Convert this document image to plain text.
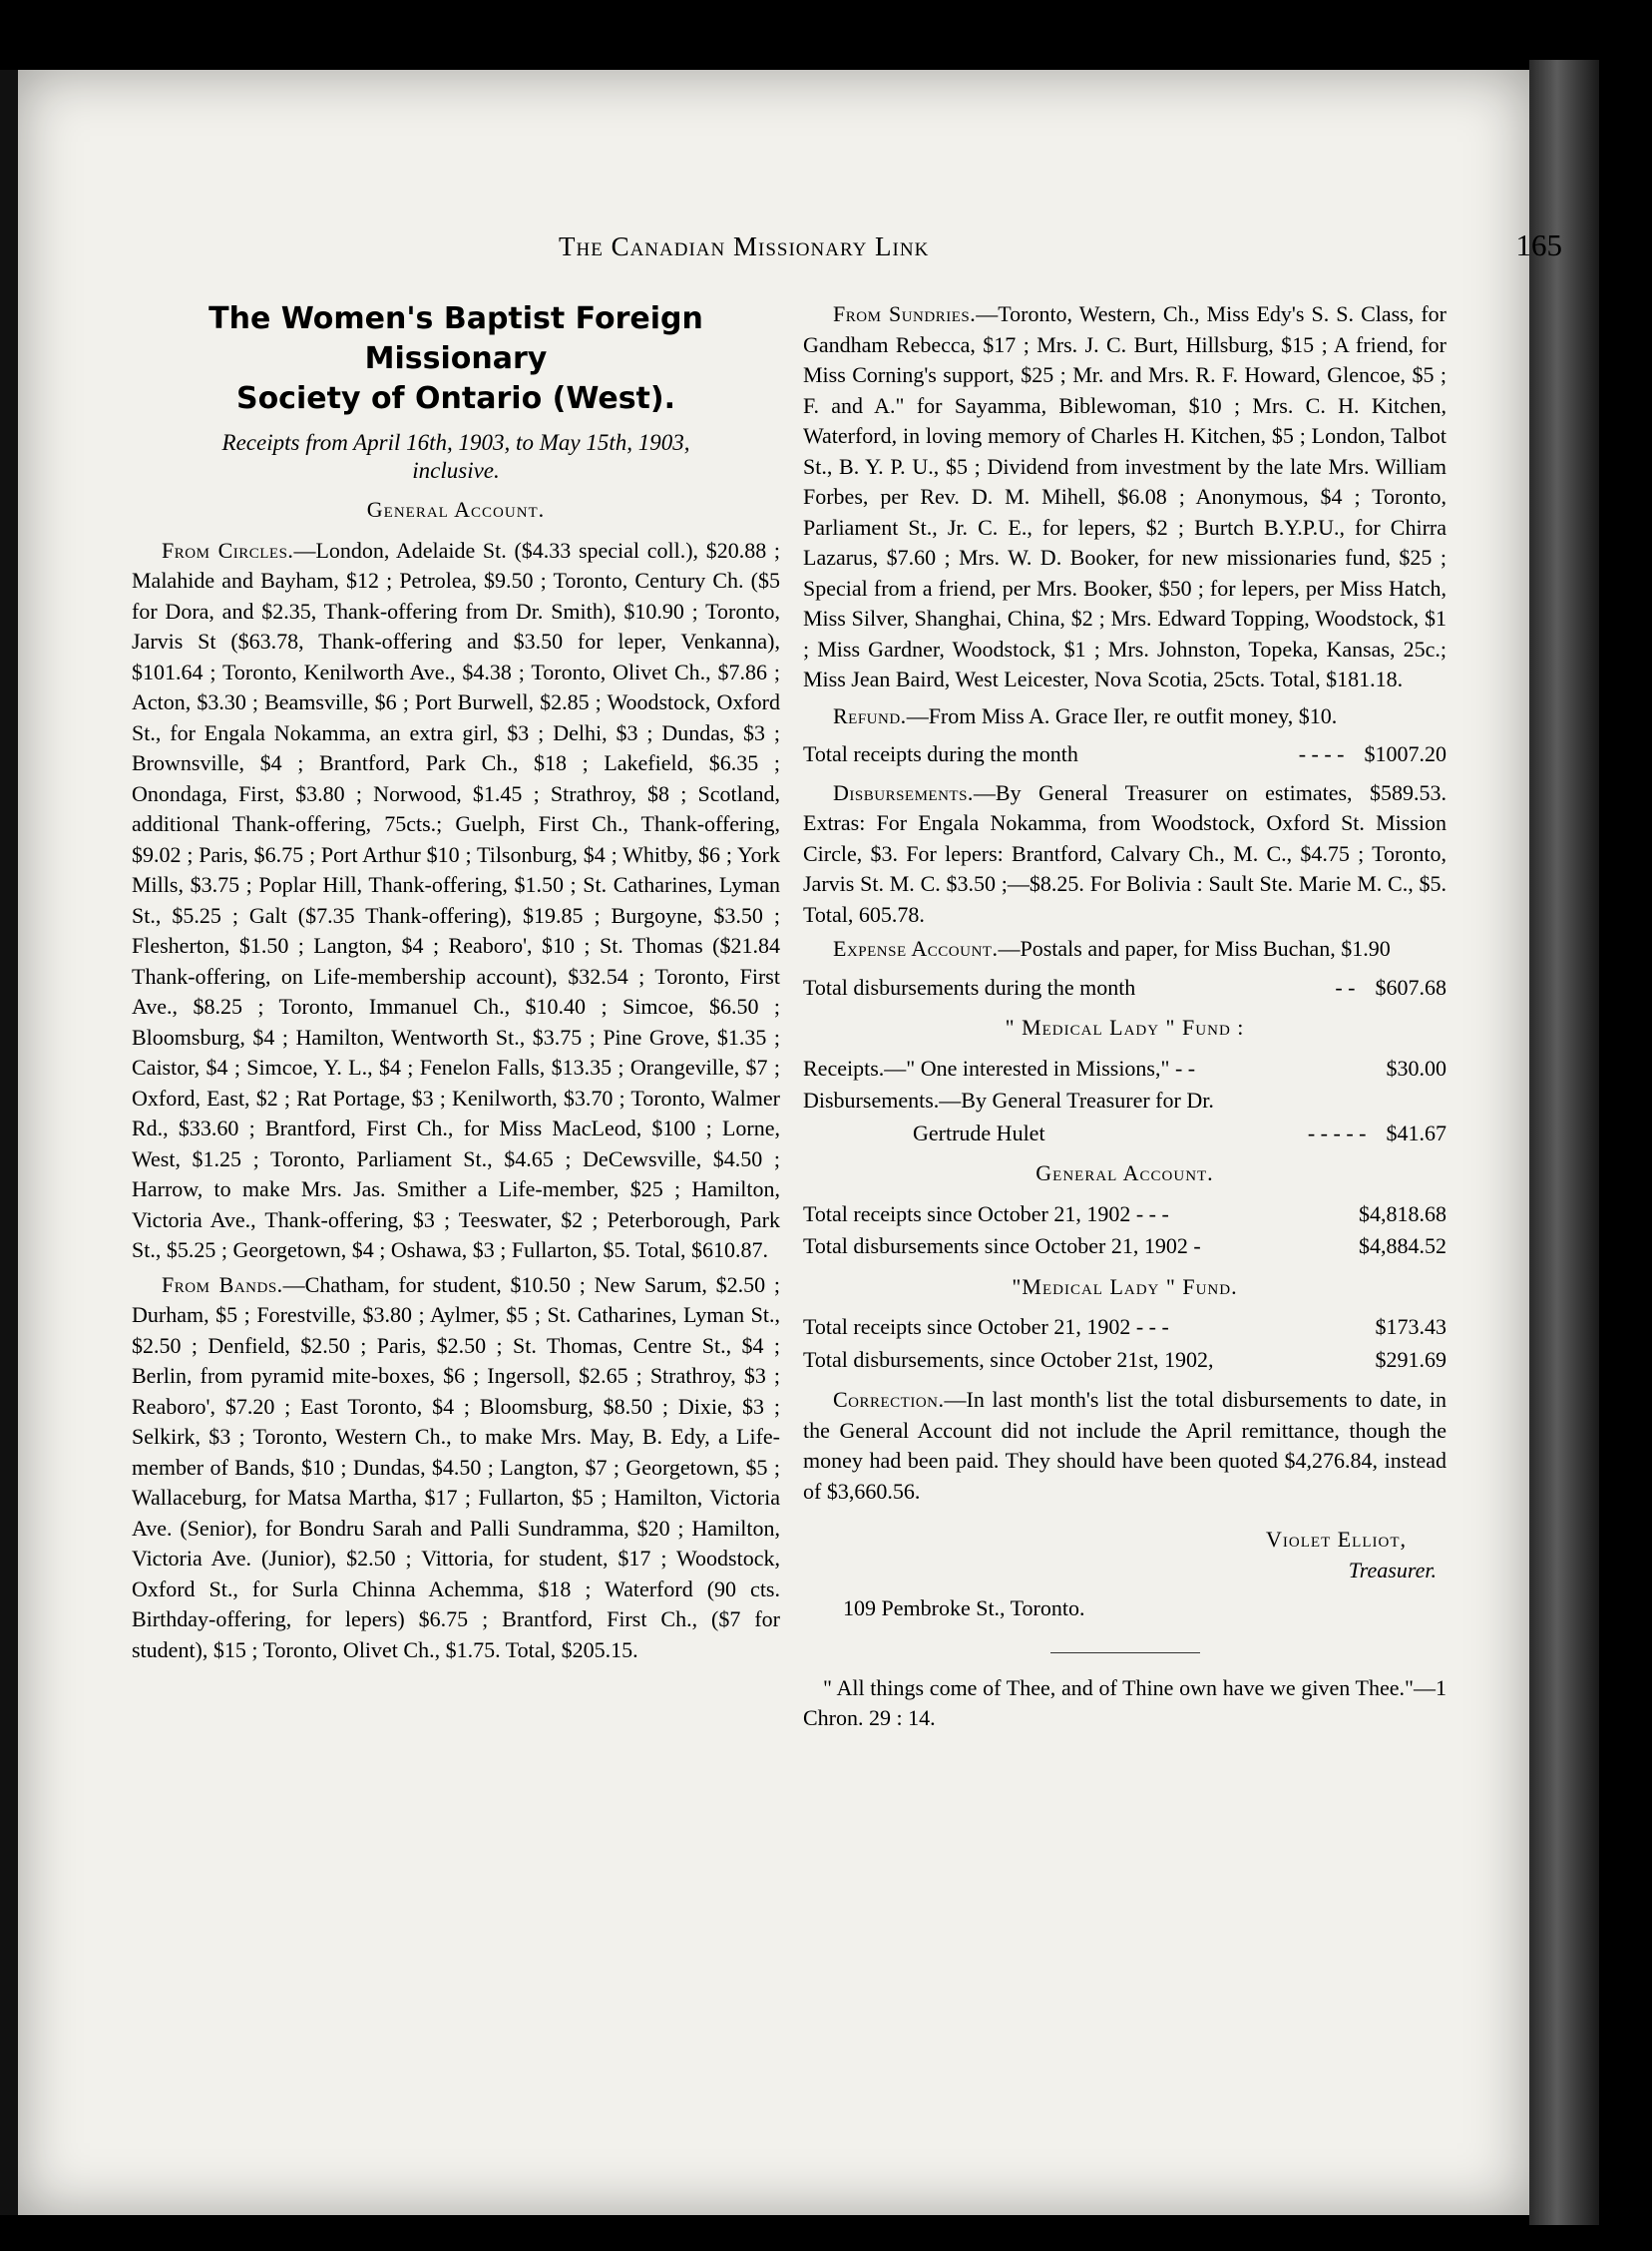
The Canadian Missionary Link	165
The Women's Baptist Foreign Missionary
Society of Ontario (West).
Receipts from April 16th, 1903, to May 15th, 1903,
inclusive.
General Account.

From Circles.—London, Adelaide St. ($4.33 special coll.), $20.88 ; Malahide and Bayham, $12 ; Petrolea, $9.50 ; Toronto, Century Ch. ($5 for Dora, and $2.35, Thank-offering from Dr. Smith), $10.90 ; Toronto, Jarvis St ($63.78, Thank-offering and $3.50 for leper, Venkanna), $101.64 ; Toronto, Kenilworth Ave., $4.38 ; Toronto, Olivet Ch., $7.86 ; Acton, $3.30 ; Beamsville, $6 ; Port Burwell, $2.85 ; Woodstock, Oxford St., for Engala Nokamma, an extra girl, $3 ; Delhi, $3 ; Dundas, $3 ; Brownsville, $4 ; Brantford, Park Ch., $18 ; Lakefield, $6.35 ; Onondaga, First, $3.80 ; Norwood, $1.45 ; Strathroy, $8 ; Scotland, additional Thank-offering, 75cts.; Guelph, First Ch., Thank-offering, $9.02 ; Paris, $6.75 ; Port Arthur $10 ; Tilsonburg, $4 ; Whitby, $6 ; York Mills, $3.75 ; Poplar Hill, Thank-offering, $1.50 ; St. Catharines, Lyman St., $5.25 ; Galt ($7.35 Thank-offering), $19.85 ; Burgoyne, $3.50 ; Flesherton, $1.50 ; Langton, $4 ; Reaboro', $10 ; St. Thomas ($21.84 Thank-offering, on Life-membership account), $32.54 ; Toronto, First Ave., $8.25 ; Toronto, Immanuel Ch., $10.40 ; Simcoe, $6.50 ; Bloomsburg, $4 ; Hamilton, Wentworth St., $3.75 ; Pine Grove, $1.35 ; Caistor, $4 ; Simcoe, Y. L., $4 ; Fenelon Falls, $13.35 ; Orangeville, $7 ; Oxford, East, $2 ; Rat Portage, $3 ; Kenilworth, $3.70 ; Toronto, Walmer Rd., $33.60 ; Brantford, First Ch., for Miss MacLeod, $100 ; Lorne, West, $1.25 ; Toronto, Parliament St., $4.65 ; DeCewsville, $4.50 ; Harrow, to make Mrs. Jas. Smither a Life-member, $25 ; Hamilton, Victoria Ave., Thank-offering, $3 ; Teeswater, $2 ; Peterborough, Park St., $5.25 ; Georgetown, $4 ; Oshawa, $3 ; Fullarton, $5. Total, $610.87.

From Bands.—Chatham, for student, $10.50 ; New Sarum, $2.50 ; Durham, $5 ; Forestville, $3.80 ; Aylmer, $5 ; St. Catharines, Lyman St., $2.50 ; Denfield, $2.50 ; Paris, $2.50 ; St. Thomas, Centre St., $4 ; Berlin, from pyramid mite-boxes, $6 ; Ingersoll, $2.65 ; Strathroy, $3 ; Reaboro', $7.20 ; East Toronto, $4 ; Bloomsburg, $8.50 ; Dixie, $3 ; Selkirk, $3 ; Toronto, Western Ch., to make Mrs. May, B. Edy, a Life-member of Bands, $10 ; Dundas, $4.50 ; Langton, $7 ; Georgetown, $5 ; Wallaceburg, for Matsa Martha, $17 ; Fullarton, $5 ; Hamilton, Victoria Ave. (Senior), for Bondru Sarah and Palli Sundramma, $20 ; Hamilton, Victoria Ave. (Junior), $2.50 ; Vittoria, for student, $17 ; Woodstock, Oxford St., for Surla Chinna Achemma, $18 ; Waterford (90 cts. Birthday-offering, for lepers) $6.75 ; Brantford, First Ch., ($7 for student), $15 ; Toronto, Olivet Ch., $1.75. Total, $205.15.

From Sundries.—Toronto, Western, Ch., Miss Edy's S. S. Class, for Gandham Rebecca, $17 ; Mrs. J. C. Burt, Hillsburg, $15 ; A friend, for Miss Corning's support, $25 ; Mr. and Mrs. R. F. Howard, Glencoe, $5 ; F. and A." for Sayamma, Biblewoman, $10 ; Mrs. C. H. Kitchen, Waterford, in loving memory of Charles H. Kitchen, $5 ; London, Talbot St., B. Y. P. U., $5 ; Dividend from investment by the late Mrs. William Forbes, per Rev. D. M. Mihell, $6.08 ; Anonymous, $4 ; Toronto, Parliament St., Jr. C. E., for lepers, $2 ; Burtch B.Y.P.U., for Chirra Lazarus, $7.60 ; Mrs. W. D. Booker, for new missionaries fund, $25 ; Special from a friend, per Mrs. Booker, $50 ; for lepers, per Miss Hatch, Miss Silver, Shanghai, China, $2 ; Mrs. Edward Topping, Woodstock, $1 ; Miss Gardner, Woodstock, $1 ; Mrs. Johnston, Topeka, Kansas, 25c.; Miss Jean Baird, West Leicester, Nova Scotia, 25cts. Total, $181.18.

Refund.—From Miss A. Grace Iler, re outfit money, $10.

Total receipts during the month	- - - - $1007.20

Disbursements.—By General Treasurer on estimates, $589.53. Extras: For Engala Nokamma, from Woodstock, Oxford St. Mission Circle, $3. For lepers: Brantford, Calvary Ch., M. C., $4.75 ; Toronto, Jarvis St. M. C. $3.50 ;—$8.25. For Bolivia : Sault Ste. Marie M. C., $5. Total, 605.78.

Expense Account.—Postals and paper, for Miss Buchan, $1.90

Total disbursements during the month	- - $607.68
" Medical Lady " Fund :
Receipts.—" One interested in Missions," - -	$30.00
Disbursements.—By General Treasurer for Dr.
Gertrude Hulet	- - - - - $41.67
General Account.
Total receipts since October 21, 1902 - - -	$4,818.68
Total disbursements since October 21, 1902 -	$4,884.52
"Medical Lady " Fund.
Total receipts since October 21, 1902 - - -	$173.43
Total disbursements, since October 21st, 1902,	$291.69

Correction.—In last month's list the total disbursements to date, in the General Account did not include the April remittance, though the money had been paid. They should have been quoted $4,276.84, instead of $3,660.56.

Violet Elliot,
Treasurer.
109 Pembroke St., Toronto.

" All things come of Thee, and of Thine own have we given Thee."—1 Chron. 29 : 14.
